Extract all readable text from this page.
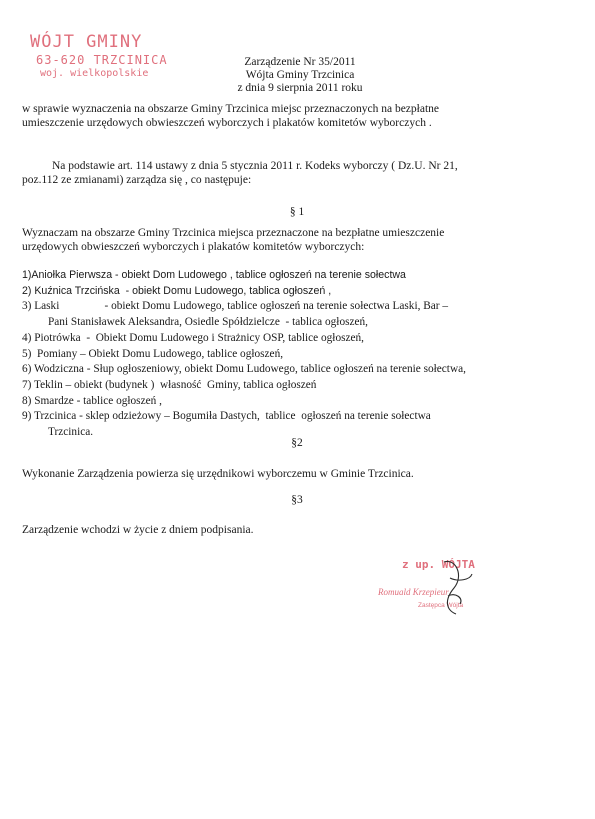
WÓJT GMINY
63-620 TRZCINICA
woj. wielkopolskie
Zarządzenie Nr 35/2011
Wójta Gminy Trzcinica
z dnia 9 sierpnia 2011 roku
w sprawie wyznaczenia na obszarze Gminy Trzcinica miejsc przeznaczonych na bezpłatne
umieszczenie urzędowych obwieszczeń wyborczych i plakatów komitetów wyborczych .
Na podstawie art. 114 ustawy z dnia 5 stycznia 2011 r. Kodeks wyborczy ( Dz.U. Nr 21,
poz.112 ze zmianami) zarządza się , co następuje:
§ 1
Wyznaczam na obszarze Gminy Trzcinica miejsca przeznaczone na bezpłatne umieszczenie
urzędowych obwieszczeń wyborczych i plakatów komitetów wyborczych:
1)Aniołka Pierwsza - obiekt Dom Ludowego , tablice ogłoszeń na terenie sołectwa
2) Kuźnica Trzcińska  - obiekt Domu Ludowego, tablica ogłoszeń ,
3) Laski                - obiekt Domu Ludowego, tablice ogłoszeń na terenie sołectwa Laski, Bar –
Pani Stanisławek Aleksandra, Osiedle Spółdzielcze  - tablica ogłoszeń,
4) Piotrówka  -  Obiekt Domu Ludowego i Strażnicy OSP, tablice ogłoszeń,
5)  Pomiany – Obiekt Domu Ludowego, tablice ogłoszeń,
6) Wodziczna - Słup ogłoszeniowy, obiekt Domu Ludowego, tablice ogłoszeń na terenie sołectwa,
7) Teklin – obiekt (budynek )  własność  Gminy, tablica ogłoszeń
8) Smardze - tablice ogłoszeń ,
9) Trzcinica - sklep odzieżowy – Bogumiła Dastych,  tablice  ogłoszeń na terenie sołectwa
Trzcinica.
§2
Wykonanie Zarządzenia powierza się urzędnikowi wyborczemu w Gminie Trzcinica.
§3
Zarządzenie wchodzi w życie z dniem podpisania.
z up. WÓJTA
Romuald Krzepieur
Zastępca Wójta
